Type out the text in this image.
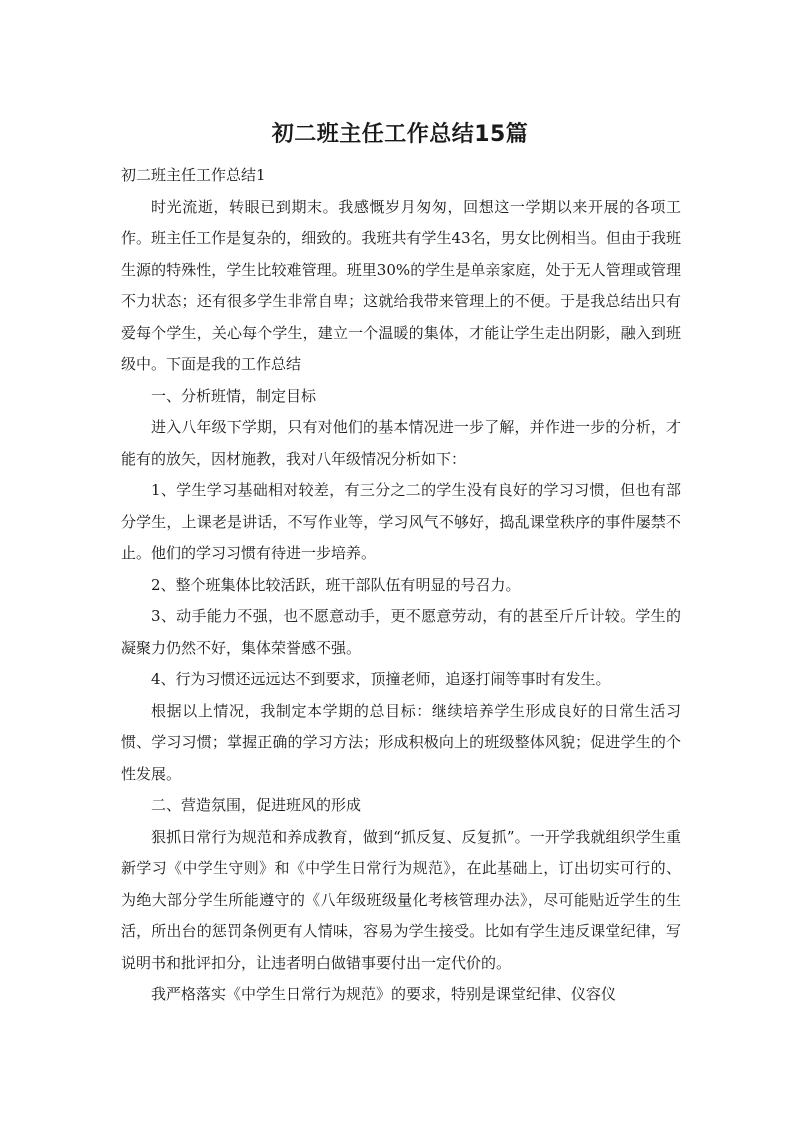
初二班主任工作总结15篇

初二班主任工作总结1

时光流逝，转眼已到期末。我感慨岁月匆匆，回想这一学期以来开展的各项工作。班主任工作是复杂的，细致的。我班共有学生43名，男女比例相当。但由于我班生源的特殊性，学生比较难管理。班里30%的学生是单亲家庭，处于无人管理或管理不力状态；还有很多学生非常自卑；这就给我带来管理上的不便。于是我总结出只有爱每个学生，关心每个学生，建立一个温暖的集体，才能让学生走出阴影，融入到班级中。下面是我的工作总结

一、分析班情，制定目标

进入八年级下学期，只有对他们的基本情况进一步了解，并作进一步的分析，才能有的放矢，因材施教，我对八年级情况分析如下：

1、学生学习基础相对较差，有三分之二的学生没有良好的学习习惯，但也有部分学生，上课老是讲话，不写作业等，学习风气不够好，捣乱课堂秩序的事件屡禁不止。他们的学习习惯有待进一步培养。

2、整个班集体比较活跃，班干部队伍有明显的号召力。

3、动手能力不强，也不愿意动手，更不愿意劳动，有的甚至斤斤计较。学生的凝聚力仍然不好，集体荣誉感不强。

4、行为习惯还远远达不到要求，顶撞老师，追逐打闹等事时有发生。

根据以上情况，我制定本学期的总目标：继续培养学生形成良好的日常生活习惯、学习习惯；掌握正确的学习方法；形成积极向上的班级整体风貌；促进学生的个性发展。

二、营造氛围，促进班风的形成

狠抓日常行为规范和养成教育，做到“抓反复、反复抓”。一开学我就组织学生重新学习《中学生守则》和《中学生日常行为规范》，在此基础上，订出切实可行的、为绝大部分学生所能遵守的《八年级班级量化考核管理办法》，尽可能贴近学生的生活，所出台的惩罚条例更有人情味，容易为学生接受。比如有学生违反课堂纪律，写说明书和批评扣分，让违者明白做错事要付出一定代价的。

我严格落实《中学生日常行为规范》的要求，特别是课堂纪律、仪容仪
